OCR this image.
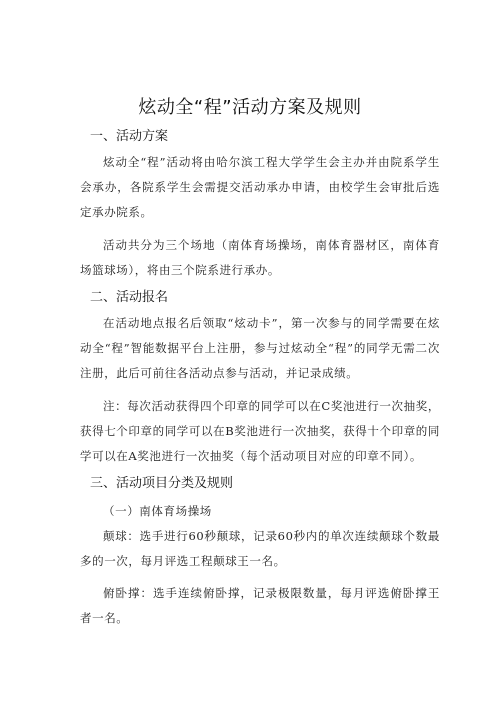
炫动全“程”活动方案及规则
一、活动方案

炫动全“程”活动将由哈尔滨工程大学学生会主办并由院系学生会承办，各院系学生会需提交活动承办申请，由校学生会审批后选定承办院系。

活动共分为三个场地（南体育场操场，南体育器材区，南体育场篮球场），将由三个院系进行承办。

二、活动报名

在活动地点报名后领取“炫动卡”，第一次参与的同学需要在炫动全“程”智能数据平台上注册，参与过炫动全“程”的同学无需二次注册，此后可前往各活动点参与活动，并记录成绩。

注：每次活动获得四个印章的同学可以在C奖池进行一次抽奖，获得七个印章的同学可以在B奖池进行一次抽奖，获得十个印章的同学可以在A奖池进行一次抽奖（每个活动项目对应的印章不同）。

三、活动项目分类及规则
（一）南体育场操场

颠球：选手进行60秒颠球，记录60秒内的单次连续颠球个数最多的一次，每月评选工程颠球王一名。

俯卧撑：选手连续俯卧撑，记录极限数量，每月评选俯卧撑王者一名。
